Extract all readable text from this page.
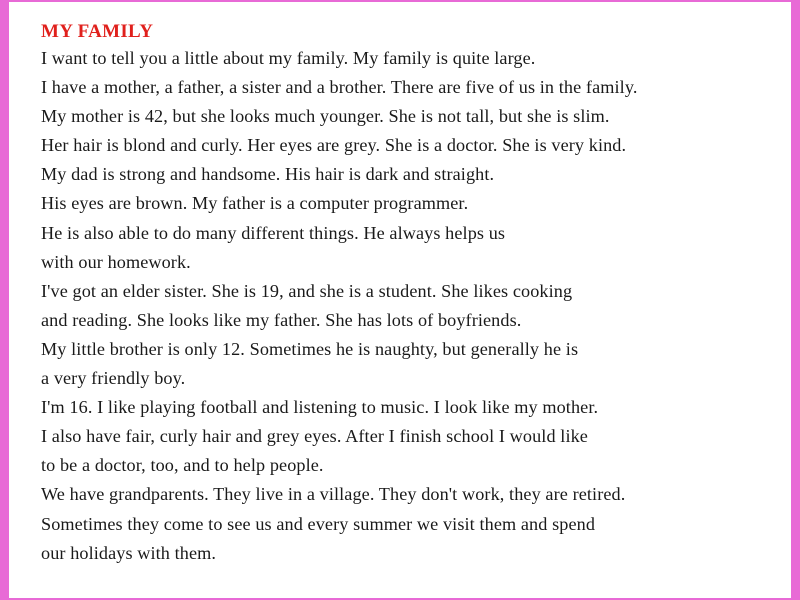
MY FAMILY
I want to tell you a little about my family. My family is quite large.
I have a mother, a father, a sister and a brother. There are five of us in the family.
My mother is 42, but she looks much younger. She is not tall, but she is slim.
Her hair is blond and curly. Her eyes are grey. She is a doctor. She is very kind.
My dad is strong and handsome. His hair is dark and straight.
His eyes are brown. My father is a computer programmer.
He is also able to do many different things. He always helps us
with our homework.
I've got an elder sister. She is 19, and she is a student. She likes cooking
and reading. She looks like my father. She has lots of boyfriends.
My little brother is only 12. Sometimes he is naughty, but generally he is
a very friendly boy.
I'm 16. I like playing football and listening to music. I look like my mother.
I also have fair, curly hair and grey eyes. After I finish school I would like
to be a doctor, too, and to help people.
We have grandparents. They live in a village. They don't work, they are retired.
Sometimes they come to see us and every summer we visit them and spend
our holidays with them.
